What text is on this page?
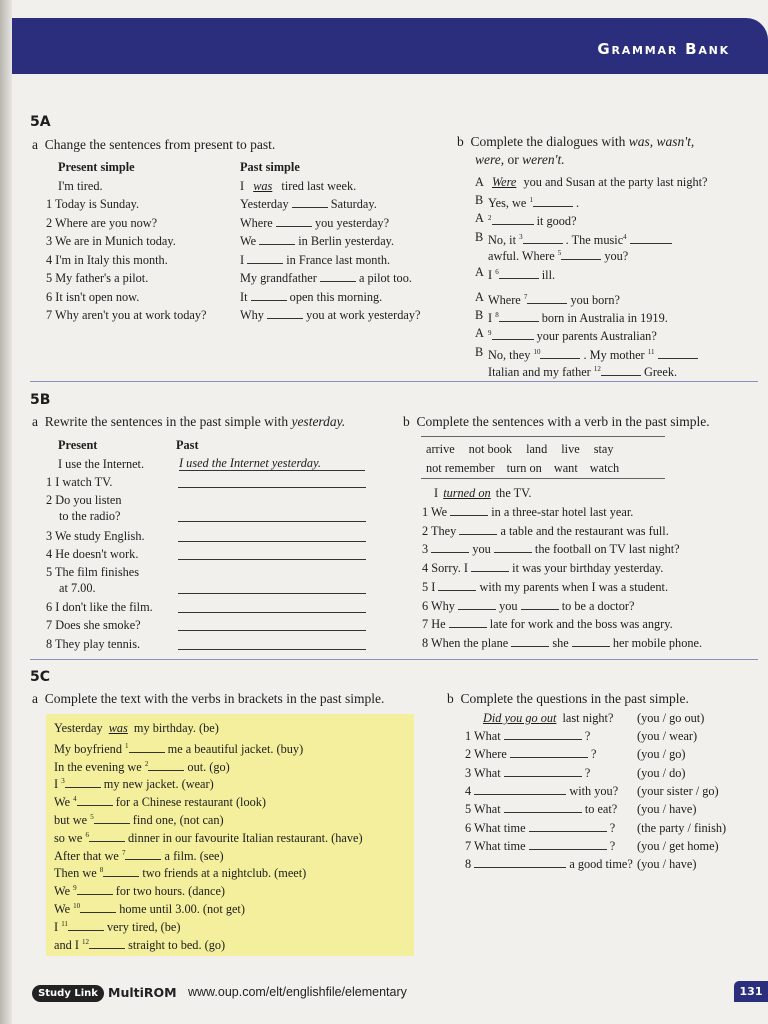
Grammar Bank
5A
a Change the sentences from present to past.
Present simple	Past simple
I'm tired.	I was tired last week.
1 Today is Sunday.	Yesterday	Saturday.
2 Where are you now?	Where	you yesterday?
3 We are in Munich today.	We	in Berlin yesterday.
4 I'm in Italy this month.	I	in France last month.
5 My father's a pilot.	My grandfather	a pilot too.
6 It isn't open now.	It	open this morning.
7 Why aren't you at work today?	Why	you at work yesterday?
b Complete the dialogues with was, wasn't,
were, or weren't.
A Were you and Susan at the party last night?
B Yes, we $^1$	.
A $^2$	it good?
B No, it $^3$	. The music$^4$
awful. Where $^5$	you?
A I $^6$	ill.
A Where $^7$	you born?
B I $^8$	born in Australia in 1919.
A $^9$	your parents Australian?
B No, they $^{10}$	. My mother $^{11}$
Italian and my father $^{12}$	Greek.
5B
a Rewrite the sentences in the past simple with yesterday.
Present	Past
I use the Internet.	I used the Internet yesterday.
1 I watch TV.
2 Do you listen
to the radio?
3 We study English.
4 He doesn't work.
5 The film finishes
at 7.00.
6 I don't like the film.
7 Does she smoke?
8 They play tennis.
b Complete the sentences with a verb in the past simple.
arrive not book land live stay
not remember turn on want watch
I turned on the TV.
1 We	in a three-star hotel last year.
2 They	a table and the restaurant was full.
3	you	the football on TV last night?
4 Sorry. I	it was your birthday yesterday.
5 I	with my parents when I was a student.
6 Why	you	to be a doctor?
7 He	late for work and the boss was angry.
8 When the plane	she	her mobile phone.
5C
a Complete the text with the verbs in brackets in the past simple.
Yesterday was my birthday. (be)
My boyfriend $^1$	me a beautiful jacket. (buy)
In the evening we $^2$	out. (go)
I $^3$	my new jacket. (wear)
We $^4$	for a Chinese restaurant (look)
but we $^5$	find one, (not can)
so we $^6$	dinner in our favourite Italian restaurant. (have)
After that we $^7$	a film. (see)
Then we $^8$	two friends at a nightclub. (meet)
We $^9$	for two hours. (dance)
We $^{10}$	home until 3.00. (not get)
I $^{11}$	very tired, (be)
and I $^{12}$	straight to bed. (go)
b Complete the questions in the past simple.
Did you go out last night? (you / go out)
1 What	?	(you / wear)
2 Where	?	(you / go)
3 What	?	(you / do)
4	with you? (your sister / go)
5 What	to eat? (you / have)
6 What time	? (the party / finish)
7 What time	? (you / get home)
8	a good time? (you / have)
Study Link MultiROM www.oup.com/elt/englishfile/elementary	131
